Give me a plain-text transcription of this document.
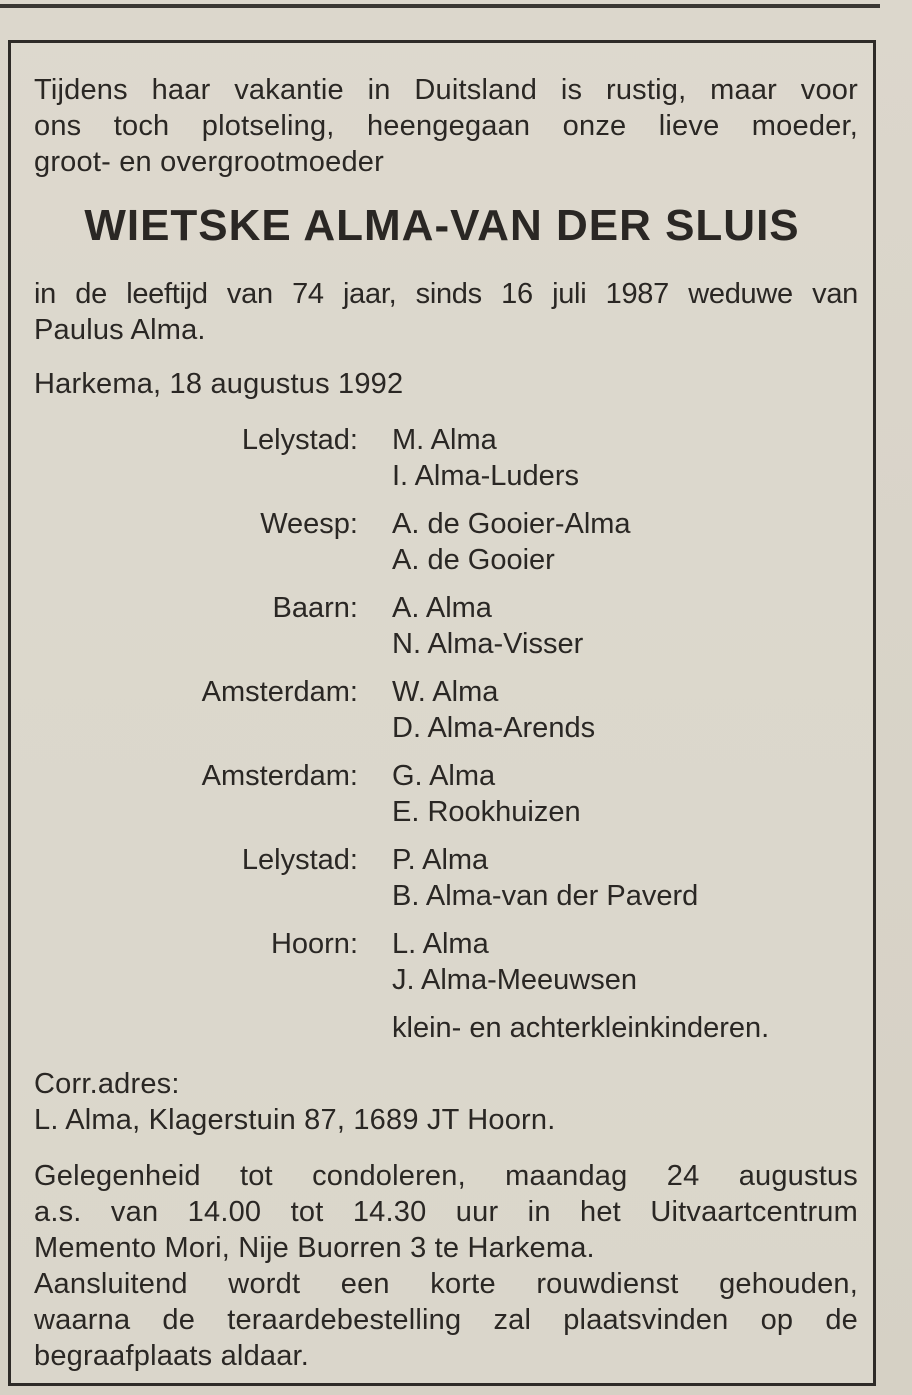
Tijdens haar vakantie in Duitsland is rustig, maar voor
ons toch plotseling, heengegaan onze lieve moeder,
groot- en overgrootmoeder
WIETSKE ALMA-VAN DER SLUIS
in de leeftijd van 74 jaar, sinds 16 juli 1987 weduwe van
Paulus Alma.
Harkema, 18 augustus 1992
Lelystad: M. Alma
I. Alma-Luders
Weesp: A. de Gooier-Alma
A. de Gooier
Baarn: A. Alma
N. Alma-Visser
Amsterdam: W. Alma
D. Alma-Arends
Amsterdam: G. Alma
E. Rookhuizen
Lelystad: P. Alma
B. Alma-van der Paverd
Hoorn: L. Alma
J. Alma-Meeuwsen
klein- en achterkleinkinderen.
Corr.adres:
L. Alma, Klagerstuin 87, 1689 JT Hoorn.
Gelegenheid tot condoleren, maandag 24 augustus
a.s. van 14.00 tot 14.30 uur in het Uitvaartcentrum
Memento Mori, Nije Buorren 3 te Harkema.
Aansluitend wordt een korte rouwdienst gehouden,
waarna de teraardebestelling zal plaatsvinden op de
begraafplaats aldaar.
